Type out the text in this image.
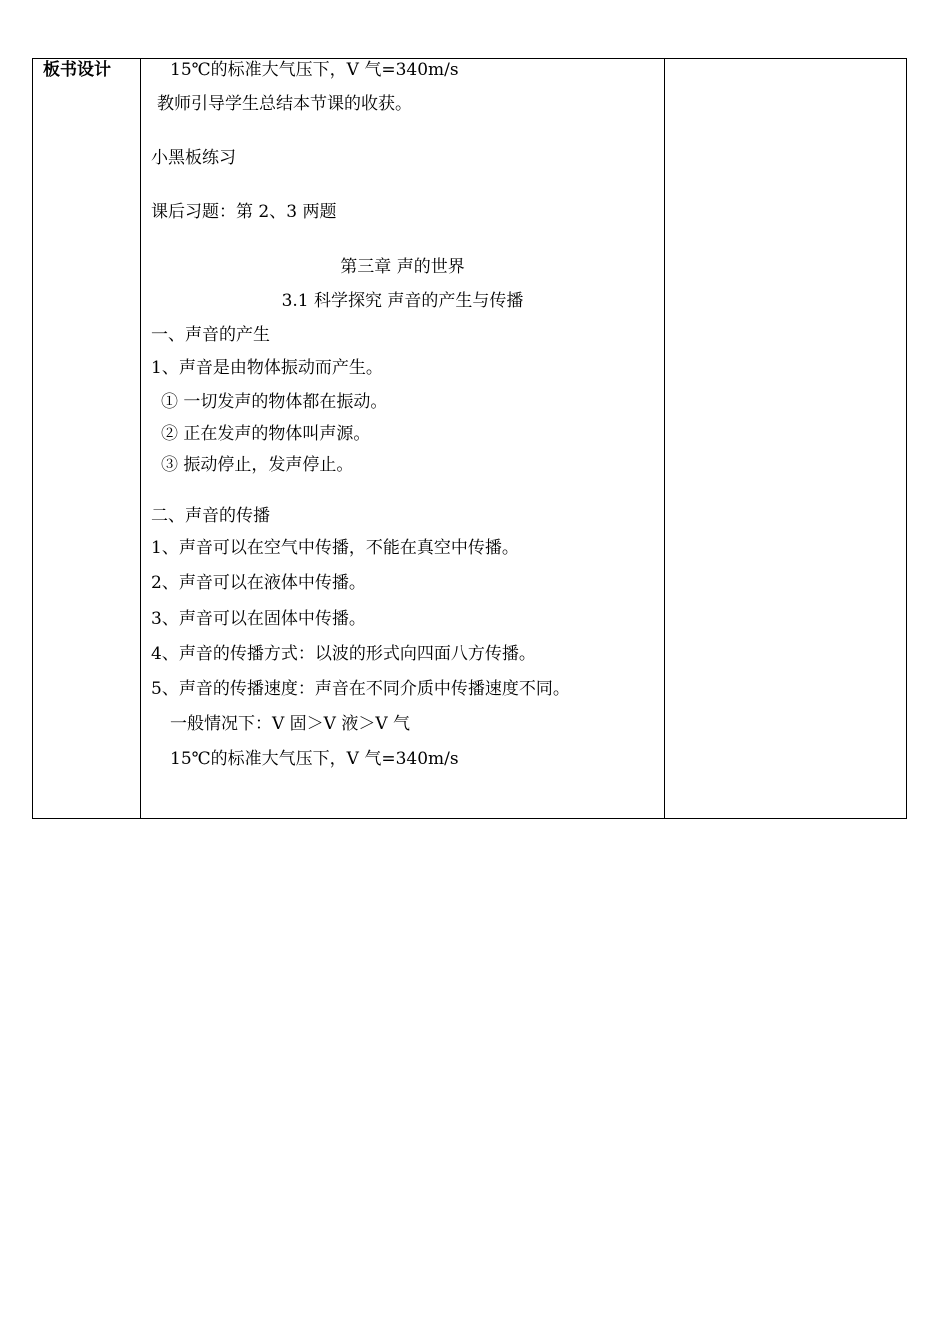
板书设计	15℃的标准大气压下，V 气=340m/s
教师引导学生总结本节课的收获。
小黑板练习
课后习题：第 2、3 两题
第三章 声的世界
3.1 科学探究 声音的产生与传播
一、声音的产生
1、声音是由物体振动而产生。
① 一切发声的物体都在振动。
② 正在发声的物体叫声源。
③ 振动停止，发声停止。
二、声音的传播
1、声音可以在空气中传播，不能在真空中传播。
2、声音可以在液体中传播。
3、声音可以在固体中传播。
4、声音的传播方式：以波的形式向四面八方传播。
5、声音的传播速度：声音在不同介质中传播速度不同。
一般情况下：V 固＞V 液＞V 气
15℃的标准大气压下，V 气=340m/s
